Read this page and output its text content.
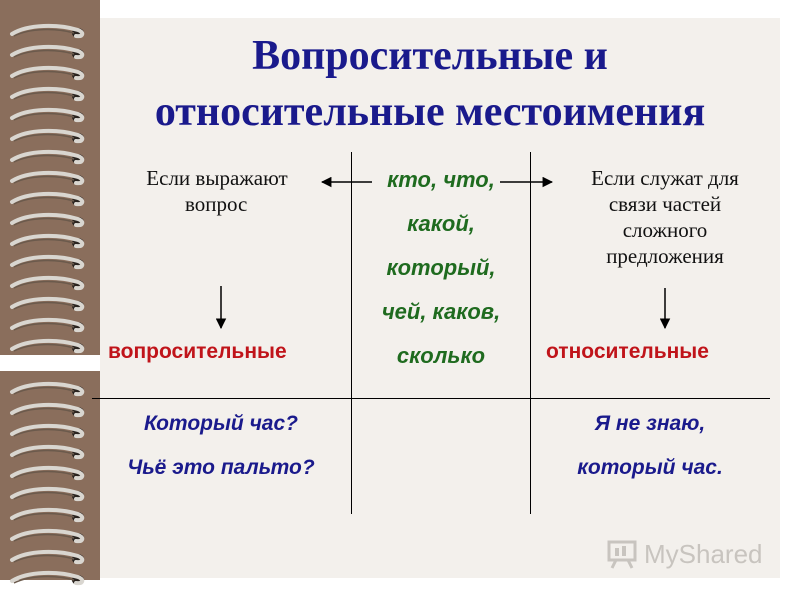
Вопросительные и
относительные местоимения
Если выражают
вопрос
вопросительные
Который час?
Чьё это пальто?
кто, что,
какой,
который,
чей, каков,
сколько
Если служат для
связи частей
сложного
предложения
относительные
Я не знаю,
который час.
MyShared
